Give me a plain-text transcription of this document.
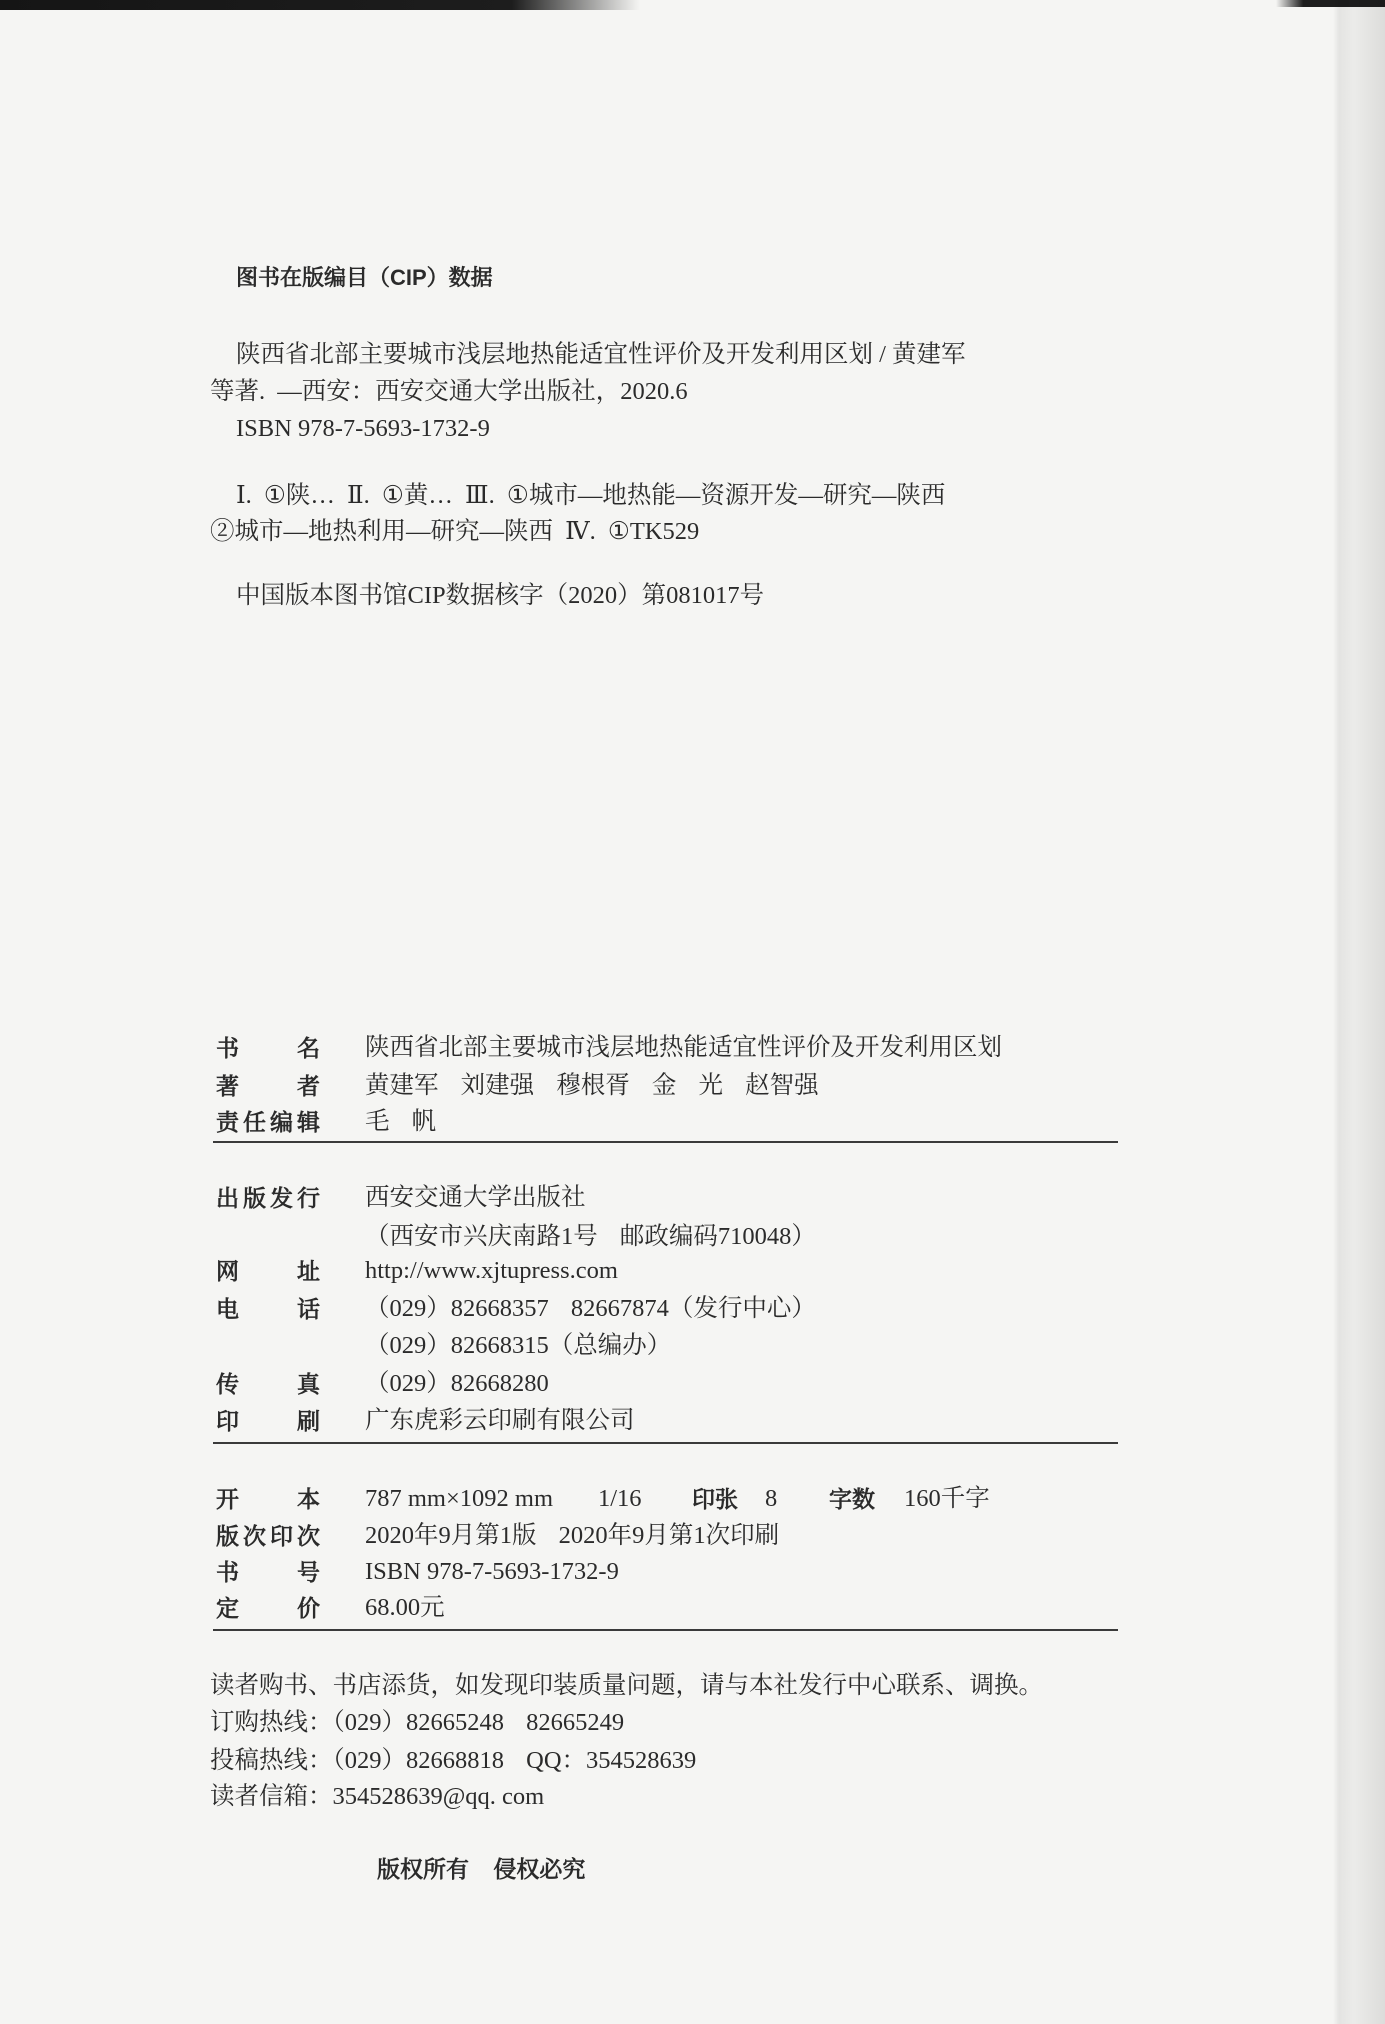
图书在版编目（CIP）数据
陕西省北部主要城市浅层地热能适宜性评价及开发利用区划 / 黄建军
等著. —西安：西安交通大学出版社，2020.6
ISBN 978-7-5693-1732-9
Ⅰ. ①陕… Ⅱ. ①黄… Ⅲ. ①城市—地热能—资源开发—研究—陕西
②城市—地热利用—研究—陕西 Ⅳ. ①TK529
中国版本图书馆CIP数据核字（2020）第081017号
书名 陕西省北部主要城市浅层地热能适宜性评价及开发利用区划
著者 黄建军 刘建强 穆根胥 金 光 赵智强
责任编辑 毛 帆
出版发行 西安交通大学出版社
（西安市兴庆南路1号 邮政编码710048）
网址 http://www.xjtupress.com
电话 （029）82668357 82667874（发行中心）
（029）82668315（总编办）
传真 （029）82668280
印刷 广东虎彩云印刷有限公司
开本 787 mm×1092 mm 1/16 印张 8 字数 160千字
版次印次 2020年9月第1版 2020年9月第1次印刷
书号 ISBN 978-7-5693-1732-9
定价 68.00元
读者购书、书店添货，如发现印装质量问题，请与本社发行中心联系、调换。
订购热线：（029）82665248 82665249
投稿热线：（029）82668818 QQ：354528639
读者信箱：354528639@qq. com
版权所有 侵权必究
